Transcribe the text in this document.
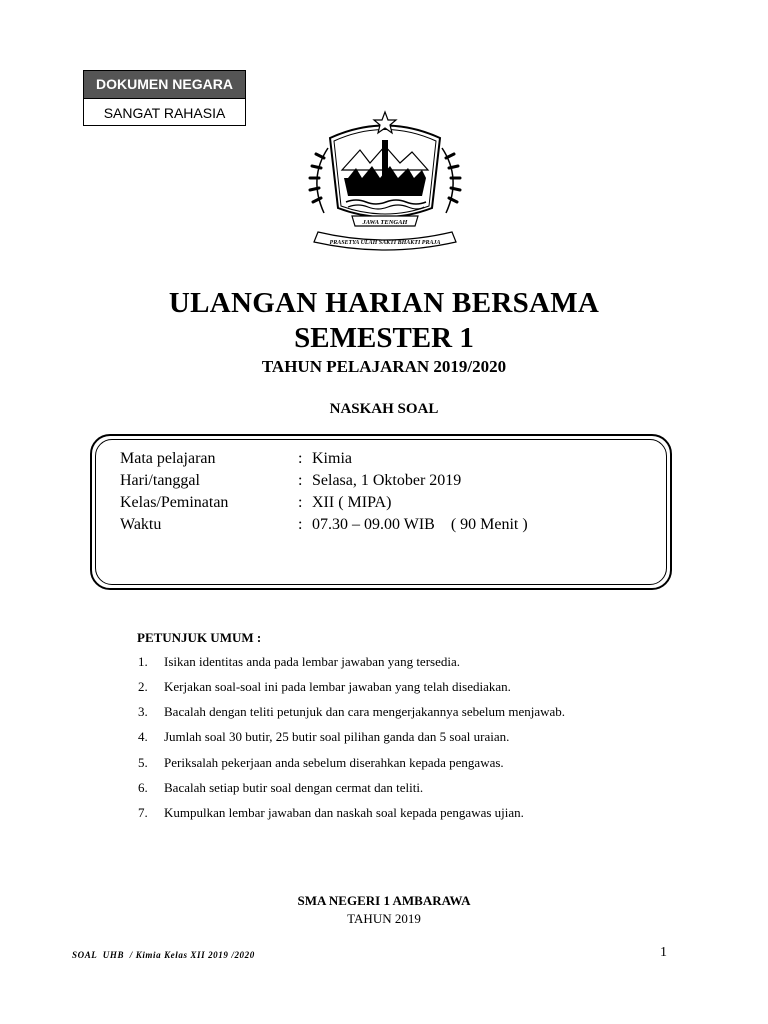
DOKUMEN NEGARA
SANGAT RAHASIA
JAWA TENGAH
PRASETYA ULAH SAKTI BHAKTI PRAJA
ULANGAN HARIAN BERSAMA
SEMESTER 1
TAHUN PELAJARAN 2019/2020
NASKAH SOAL
Mata pelajaran	: Kimia
Hari/tanggal	: Selasa, 1 Oktober 2019
Kelas/Peminatan	: XII ( MIPA)
Waktu	: 07.30 – 09.00 WIB    ( 90 Menit )
PETUNJUK UMUM :
1. Isikan identitas anda pada lembar jawaban yang tersedia.
2. Kerjakan soal-soal ini pada lembar jawaban yang telah disediakan.
3. Bacalah dengan teliti petunjuk dan cara mengerjakannya sebelum menjawab.
4. Jumlah soal 30 butir, 25 butir soal pilihan ganda dan 5 soal uraian.
5. Periksalah pekerjaan anda sebelum diserahkan kepada pengawas.
6. Bacalah setiap butir soal dengan cermat dan teliti.
7. Kumpulkan lembar jawaban dan naskah soal kepada pengawas ujian.
SMA NEGERI 1 AMBARAWA
TAHUN 2019
SOAL  UHB  / Kimia Kelas XII 2019 /2020	1
